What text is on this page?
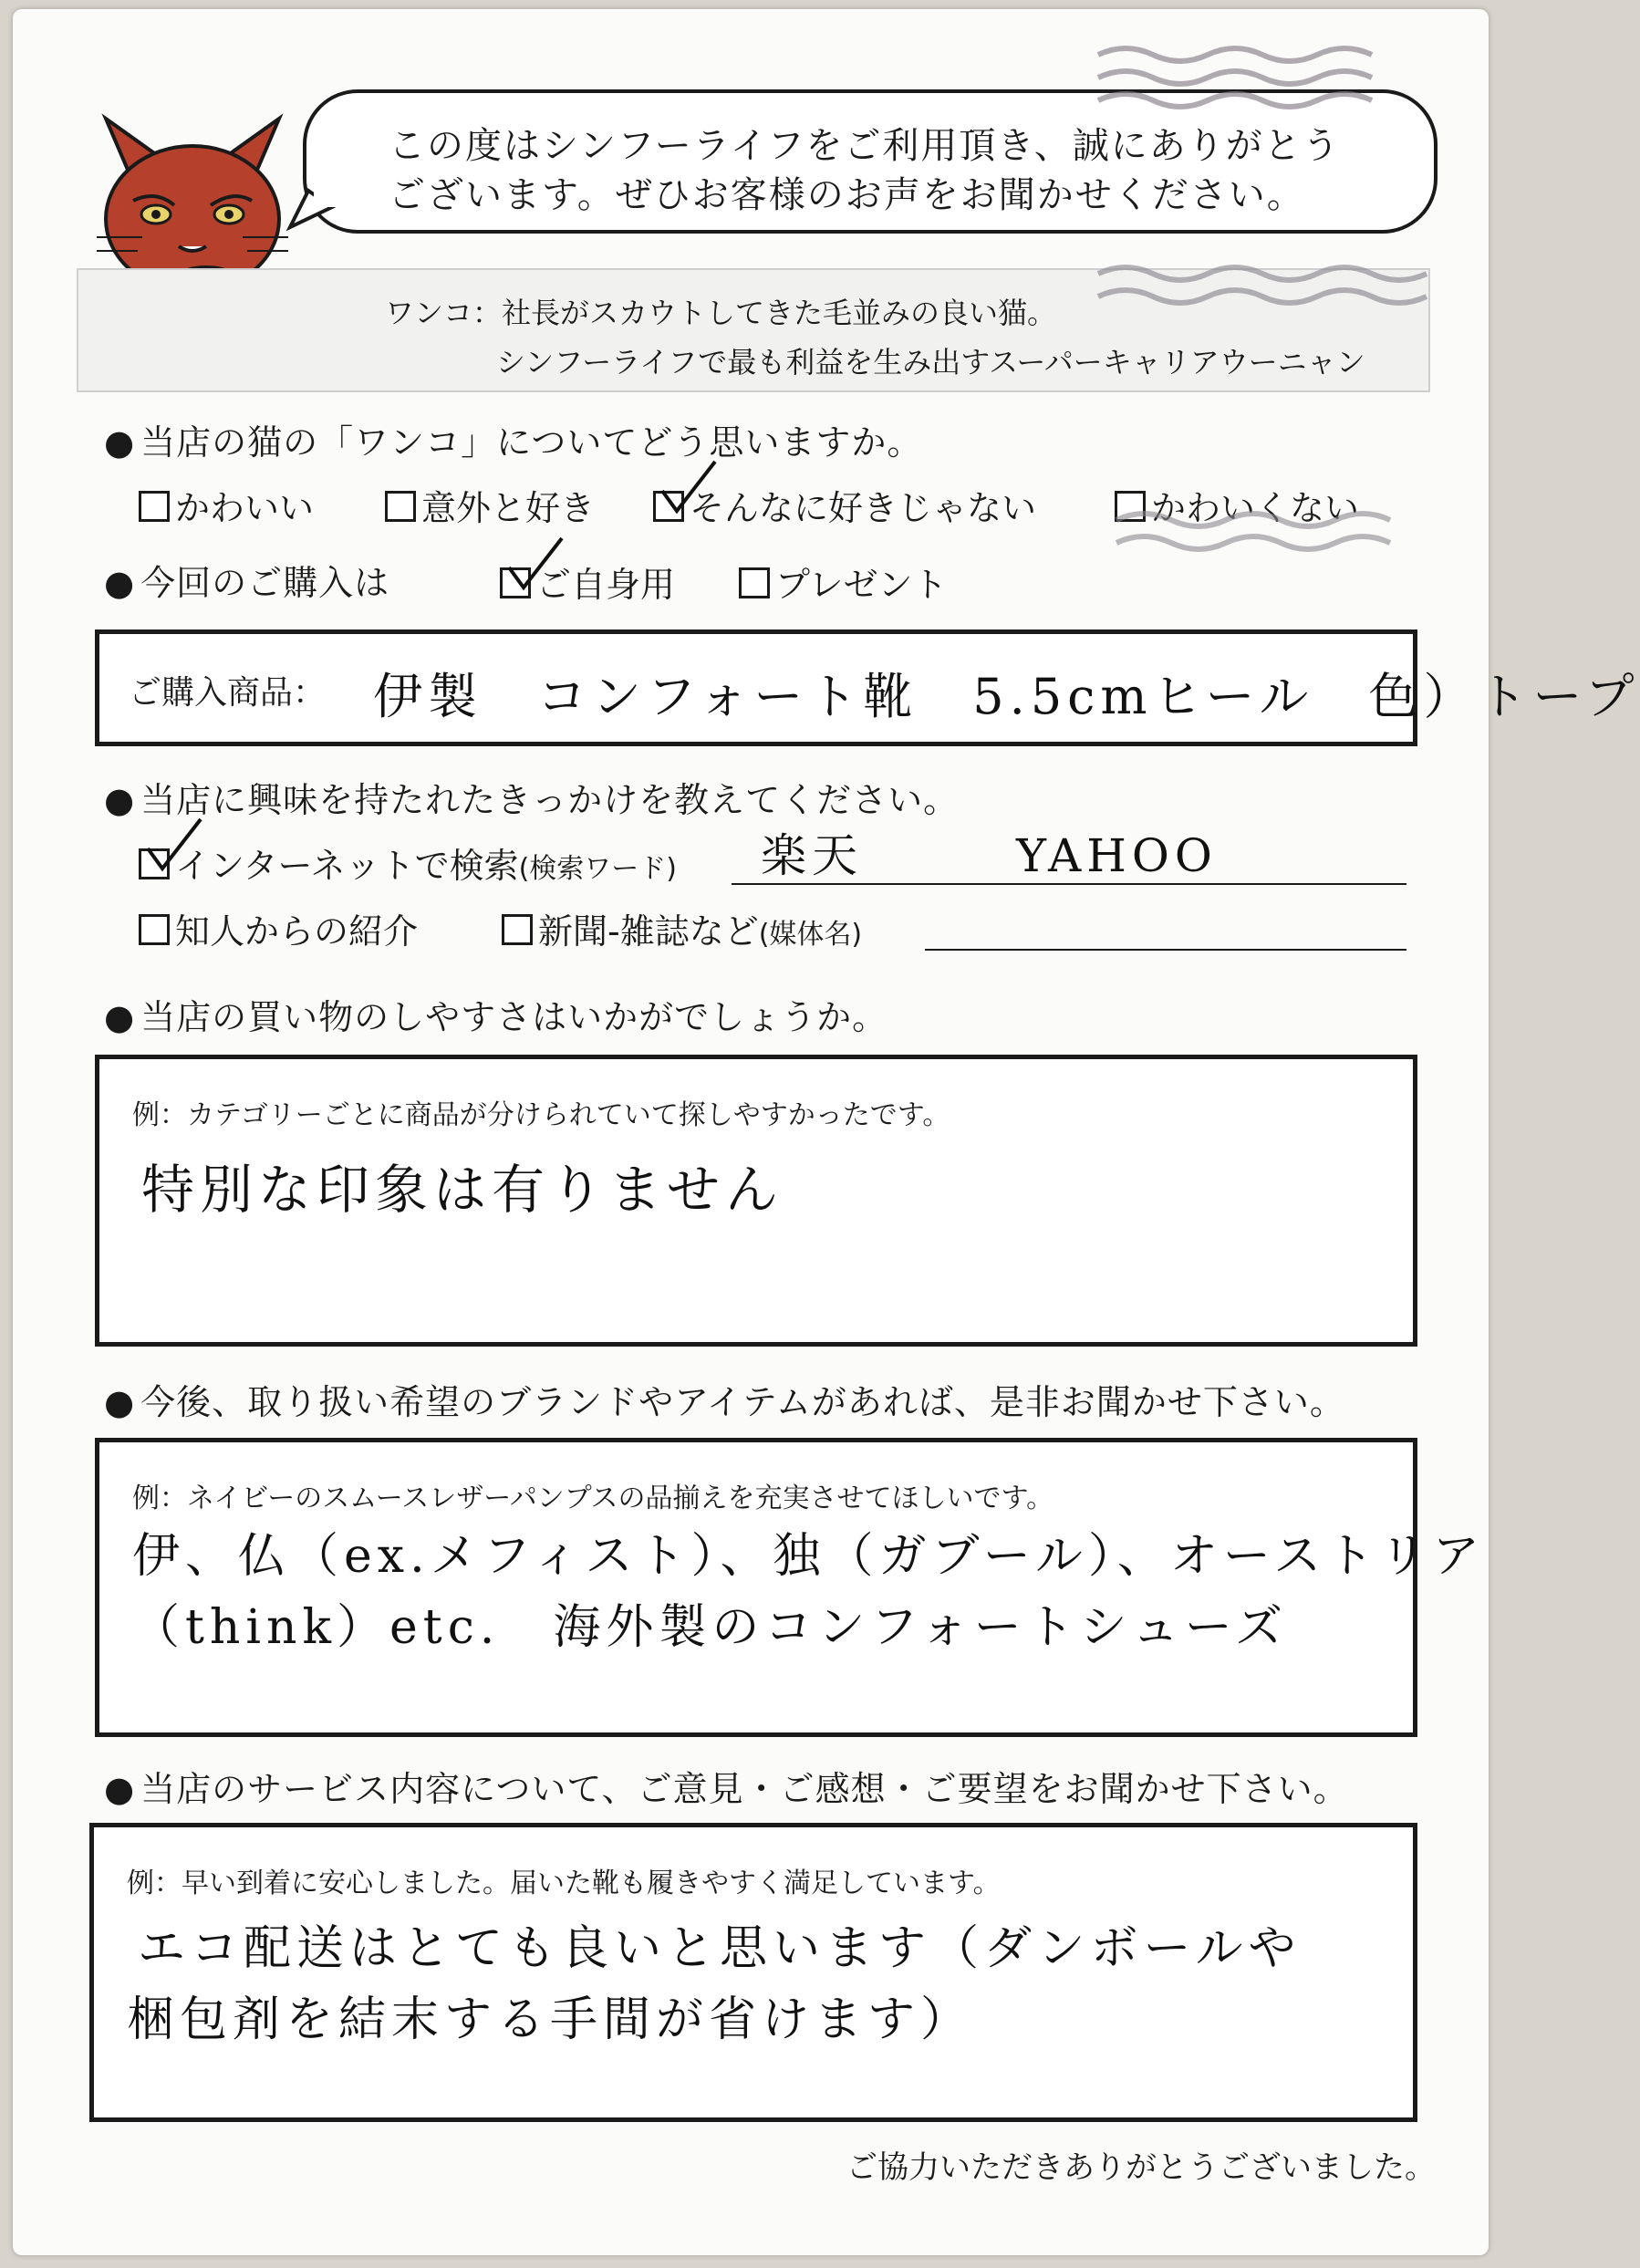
この度はシンフーライフをご利用頂き、誠にありがとう
ございます。ぜひお客様のお声をお聞かせください。
ワンコ：社長がスカウトしてきた毛並みの良い猫。
シンフーライフで最も利益を生み出すスーパーキャリアウーニャン
● 当店の猫の「ワンコ」についてどう思いますか。
かわいい	意外と好き	そんなに好きじゃない	かわいくない
● 今回のご購入は	ご自身用	プレゼント
ご購入商品： 伊製　コンフォート靴　5.5cmヒール　色）トープ
● 当店に興味を持たれたきっかけを教えてください。
インターネットで検索(検索ワード) 楽天　　　YAHOO
知人からの紹介	新聞-雑誌など(媒体名)
● 当店の買い物のしやすさはいかがでしょうか。
例：カテゴリーごとに商品が分けられていて探しやすかったです。
特別な印象は有りません
● 今後、取り扱い希望のブランドやアイテムがあれば、是非お聞かせ下さい。
例：ネイビーのスムースレザーパンプスの品揃えを充実させてほしいです。
伊、仏（ex.メフィスト）、独（ガブール）、オーストリア
（think）etc.　海外製のコンフォートシューズ
● 当店のサービス内容について、ご意見・ご感想・ご要望をお聞かせ下さい。
例：早い到着に安心しました。届いた靴も履きやすく満足しています。
エコ配送はとても良いと思います（ダンボールや
梱包剤を結末する手間が省けます）
ご協力いただきありがとうございました。
